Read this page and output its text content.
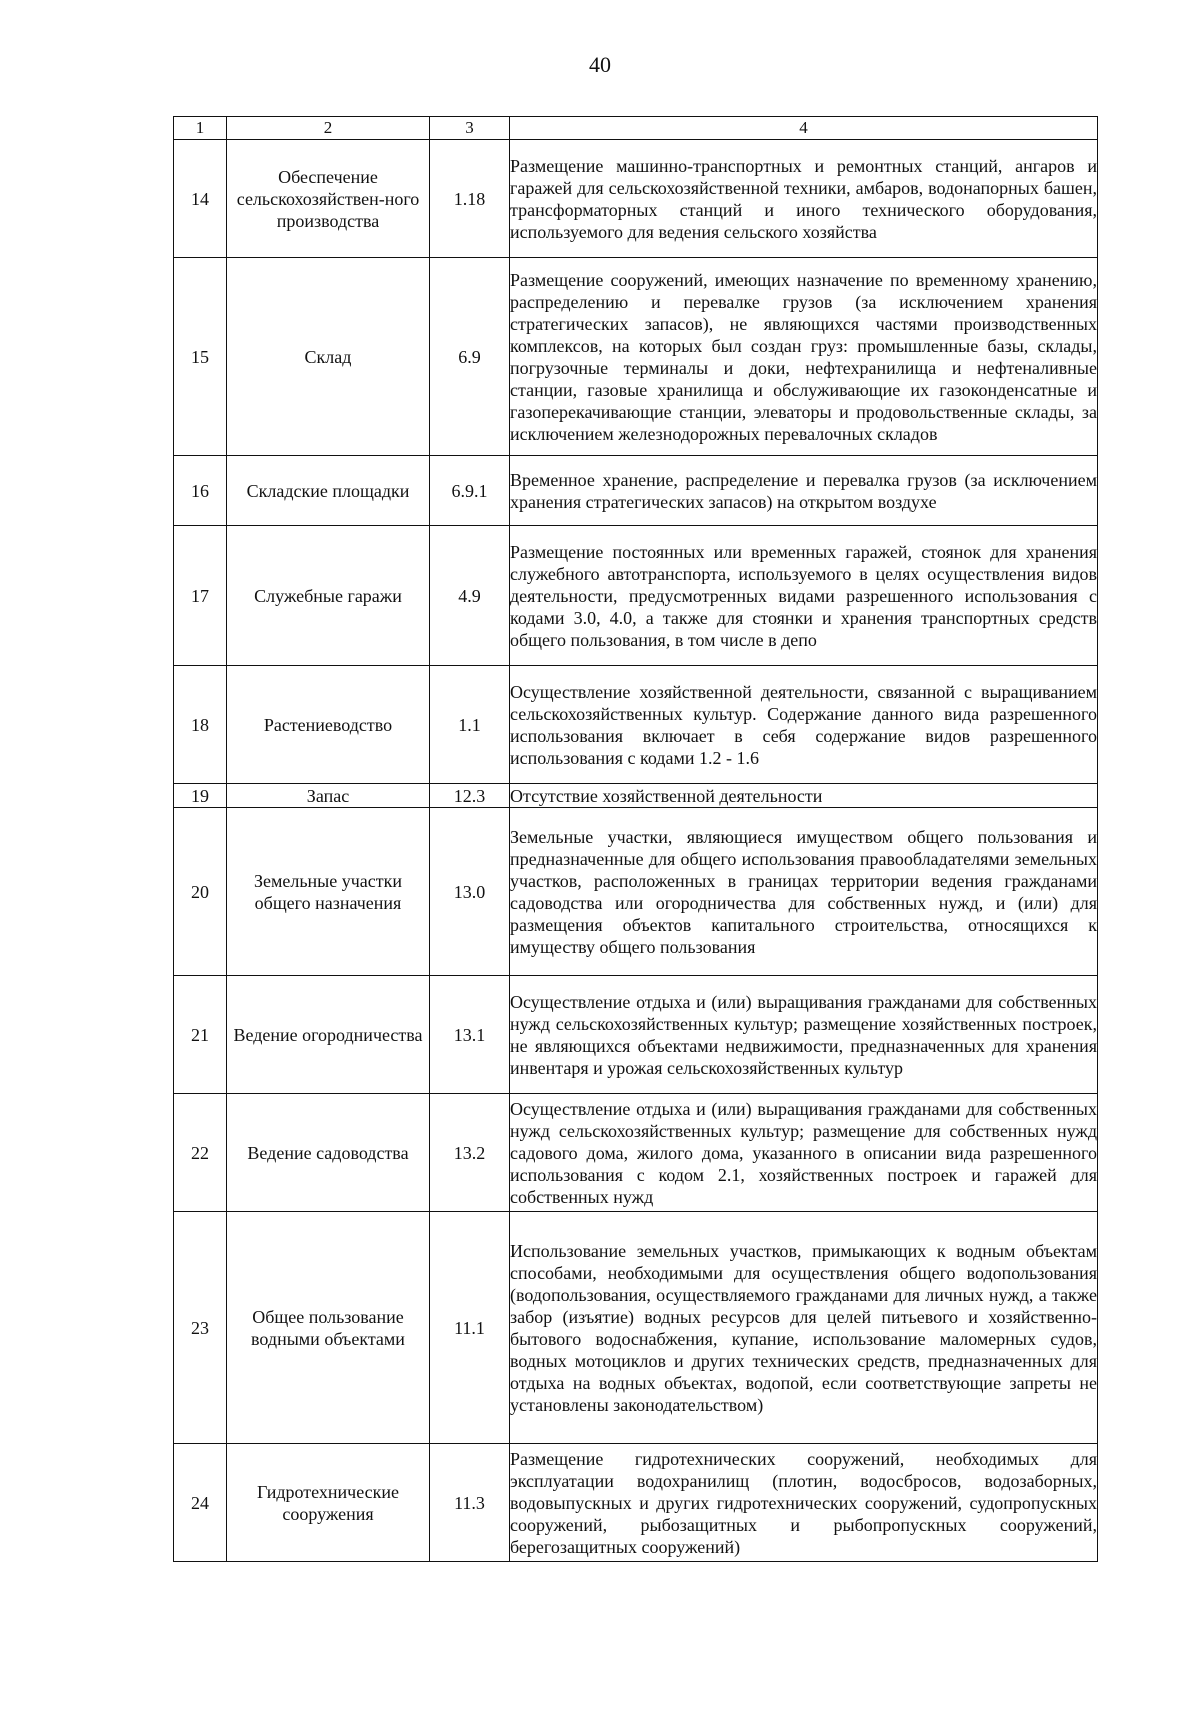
40
1	2	3	4
14	Обеспечение сельскохозяйствен-ного производства	1.18	Размещение машинно-транспортных и ремонтных станций, ангаров и гаражей для сельскохозяйственной техники, амбаров, водонапорных башен, трансформаторных станций и иного технического оборудования, используемого для ведения сельского хозяйства
15	Склад	6.9	Размещение сооружений, имеющих назначение по временному хранению, распределению и перевалке грузов (за исключением хранения стратегических запасов), не являющихся частями производственных комплексов, на которых был создан груз: промышленные базы, склады, погрузочные терминалы и доки, нефтехранилища и нефтеналивные станции, газовые хранилища и обслуживающие их газоконденсатные и газоперекачивающие станции, элеваторы и продовольственные склады, за исключением железнодорожных перевалочных складов
16	Складские площадки	6.9.1	Временное хранение, распределение и перевалка грузов (за исключением хранения стратегических запасов) на открытом воздухе
17	Служебные гаражи	4.9	Размещение постоянных или временных гаражей, стоянок для хранения служебного автотранспорта, используемого в целях осуществления видов деятельности, предусмотренных видами разрешенного использования с кодами 3.0, 4.0, а также для стоянки и хранения транспортных средств общего пользования, в том числе в депо
18	Растениеводство	1.1	Осуществление хозяйственной деятельности, связанной с выращиванием сельскохозяйственных культур. Содержание данного вида разрешенного использования включает в себя содержание видов разрешенного использования с кодами 1.2 - 1.6
19	Запас	12.3	Отсутствие хозяйственной деятельности
20	Земельные участки общего назначения	13.0	Земельные участки, являющиеся имуществом общего пользования и предназначенные для общего использования правообладателями земельных участков, расположенных в границах территории ведения гражданами садоводства или огородничества для собственных нужд, и (или) для размещения объектов капитального строительства, относящихся к имуществу общего пользования
21	Ведение огородничества	13.1	Осуществление отдыха и (или) выращивания гражданами для собственных нужд сельскохозяйственных культур; размещение хозяйственных построек, не являющихся объектами недвижимости, предназначенных для хранения инвентаря и урожая сельскохозяйственных культур
22	Ведение садоводства	13.2	Осуществление отдыха и (или) выращивания гражданами для собственных нужд сельскохозяйственных культур; размещение для собственных нужд садового дома, жилого дома, указанного в описании вида разрешенного использования с кодом 2.1, хозяйственных построек и гаражей для собственных нужд
23	Общее пользование водными объектами	11.1	Использование земельных участков, примыкающих к водным объектам способами, необходимыми для осуществления общего водопользования (водопользования, осуществляемого гражданами для личных нужд, а также забор (изъятие) водных ресурсов для целей питьевого и хозяйственно-бытового водоснабжения, купание, использование маломерных судов, водных мотоциклов и других технических средств, предназначенных для отдыха на водных объектах, водопой, если соответствующие запреты не установлены законодательством)
24	Гидротехнические сооружения	11.3	Размещение гидротехнических сооружений, необходимых для эксплуатации водохранилищ (плотин, водосбросов, водозаборных, водовыпускных и других гидротехнических сооружений, судопропускных сооружений, рыбозащитных и рыбопропускных сооружений, берегозащитных сооружений)
